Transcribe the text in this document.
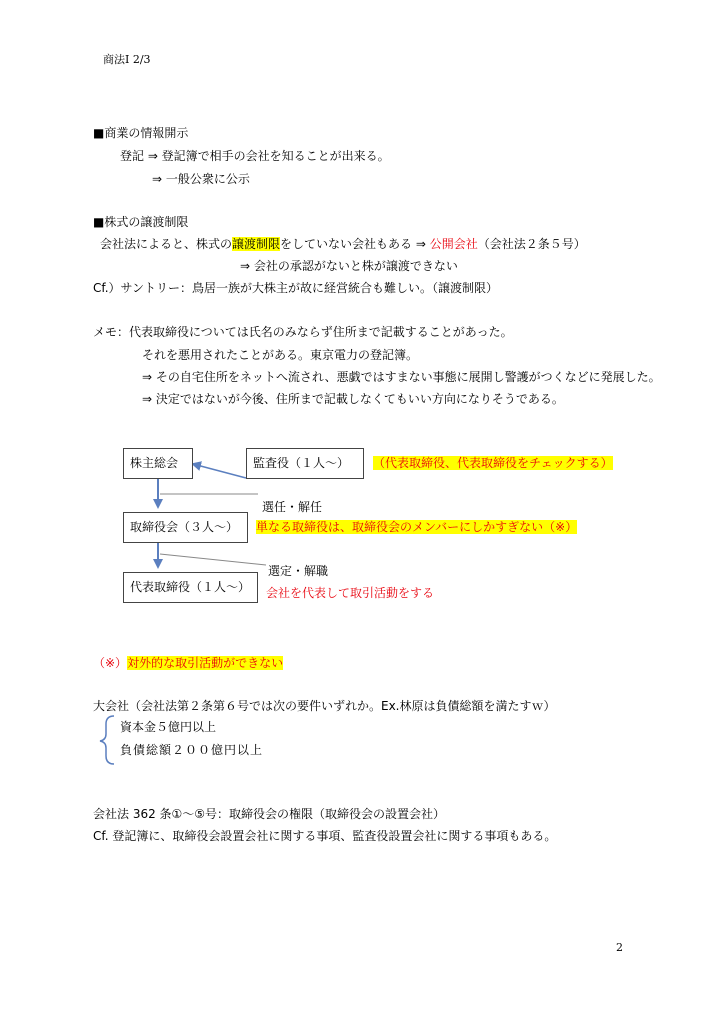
商法Ⅰ 2/3
■商業の情報開示
登記 ⇒ 登記簿で相手の会社を知ることが出来る。
⇒ 一般公衆に公示
■株式の譲渡制限
会社法によると、株式の譲渡制限をしていない会社もある ⇒ 公開会社（会社法２条５号）
⇒ 会社の承認がないと株が譲渡できない
Cf.）サントリー：鳥居一族が大株主が故に経営統合も難しい。（譲渡制限）
メモ：代表取締役については氏名のみならず住所まで記載することがあった。
それを悪用されたことがある。東京電力の登記簿。
⇒ その自宅住所をネットへ流され、悪戯ではすまない事態に展開し警護がつくなどに発展した。
⇒ 決定ではないが今後、住所まで記載しなくてもいい方向になりそうである。
株主総会	監査役（１人～）	（代表取締役、代表取締役をチェックする）
選任・解任
取締役会（３人～）	単なる取締役は、取締役会のメンバーにしかすぎない（※）
選定・解職
代表取締役（１人～）	会社を代表して取引活動をする
（※）対外的な取引活動ができない
大会社（会社法第２条第６号では次の要件いずれか。Ex.林原は負債総額を満たすｗ）
資本金５億円以上
負債総額２００億円以上
会社法 362 条①～⑤号：取締役会の権限（取締役会の設置会社）
Cf. 登記簿に、取締役会設置会社に関する事項、監査役設置会社に関する事項もある。
2
